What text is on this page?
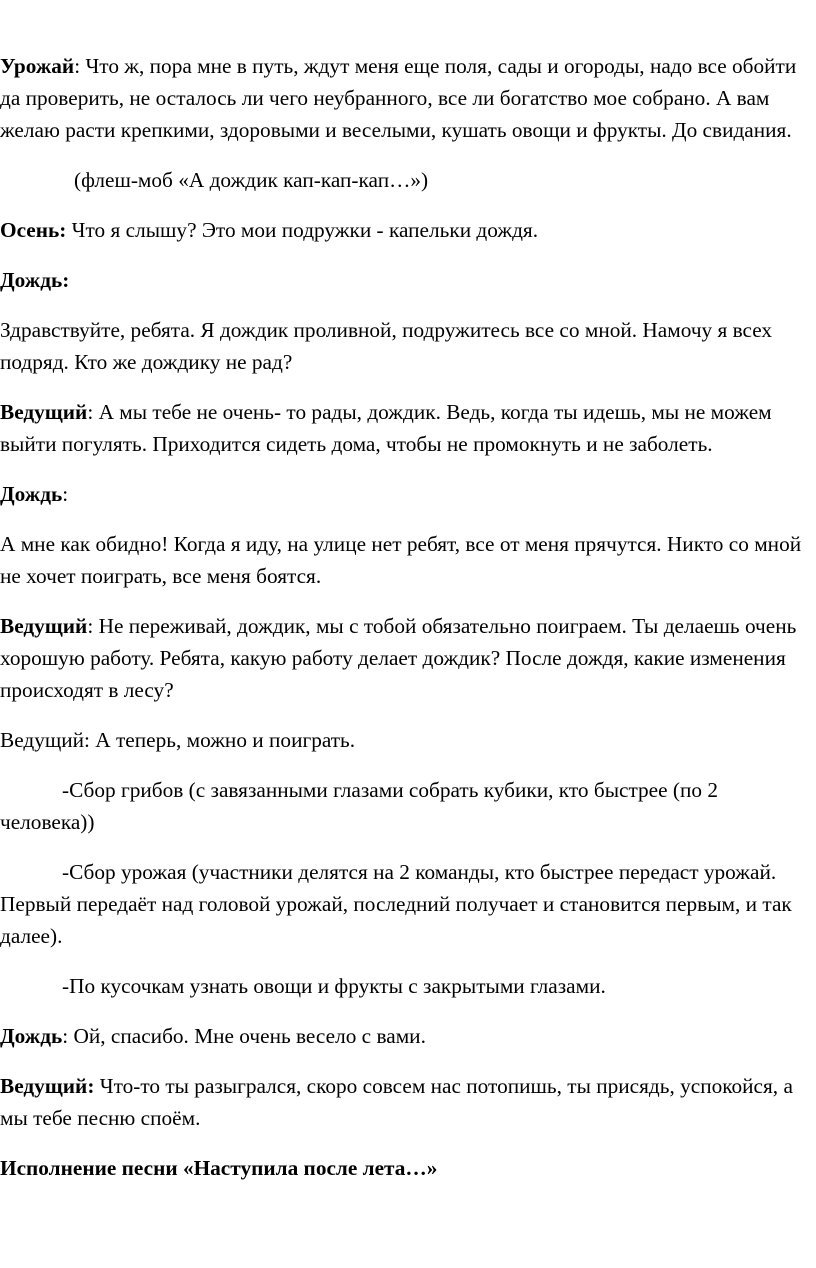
Урожай: Что ж, пора мне в путь, ждут меня еще поля, сады и огороды, надо все обойти да проверить, не осталось ли чего неубранного, все ли богатство мое собрано. А вам желаю расти крепкими, здоровыми и веселыми, кушать овощи и фрукты. До свидания.

(флеш-моб «А дождик кап-кап-кап…»)

Осень: Что я слышу? Это мои подружки - капельки дождя.

Дождь:

Здравствуйте, ребята. Я дождик проливной, подружитесь все со мной. Намочу я всех подряд. Кто же дождику не рад?

Ведущий: А мы тебе не очень- то рады, дождик. Ведь, когда ты идешь, мы не можем выйти погулять. Приходится сидеть дома, чтобы не промокнуть и не заболеть.

Дождь:

А мне как обидно! Когда я иду, на улице нет ребят, все от меня прячутся. Никто со мной не хочет поиграть, все меня боятся.

Ведущий: Не переживай, дождик, мы с тобой обязательно поиграем. Ты делаешь очень хорошую работу. Ребята, какую работу делает дождик? После дождя, какие изменения происходят в лесу?

Ведущий: А теперь, можно и поиграть.

-Сбор грибов (с завязанными глазами собрать кубики, кто быстрее (по 2 человека))

-Сбор урожая (участники делятся на 2 команды, кто быстрее передаст урожай. Первый передаёт над головой урожай, последний получает и становится первым, и так далее).

-По кусочкам узнать овощи и фрукты с закрытыми глазами.

Дождь: Ой, спасибо. Мне очень весело с вами.

Ведущий: Что-то ты разыгрался, скоро совсем нас потопишь, ты присядь, успокойся, а мы тебе песню споём.

Исполнение песни «Наступила после лета…»
